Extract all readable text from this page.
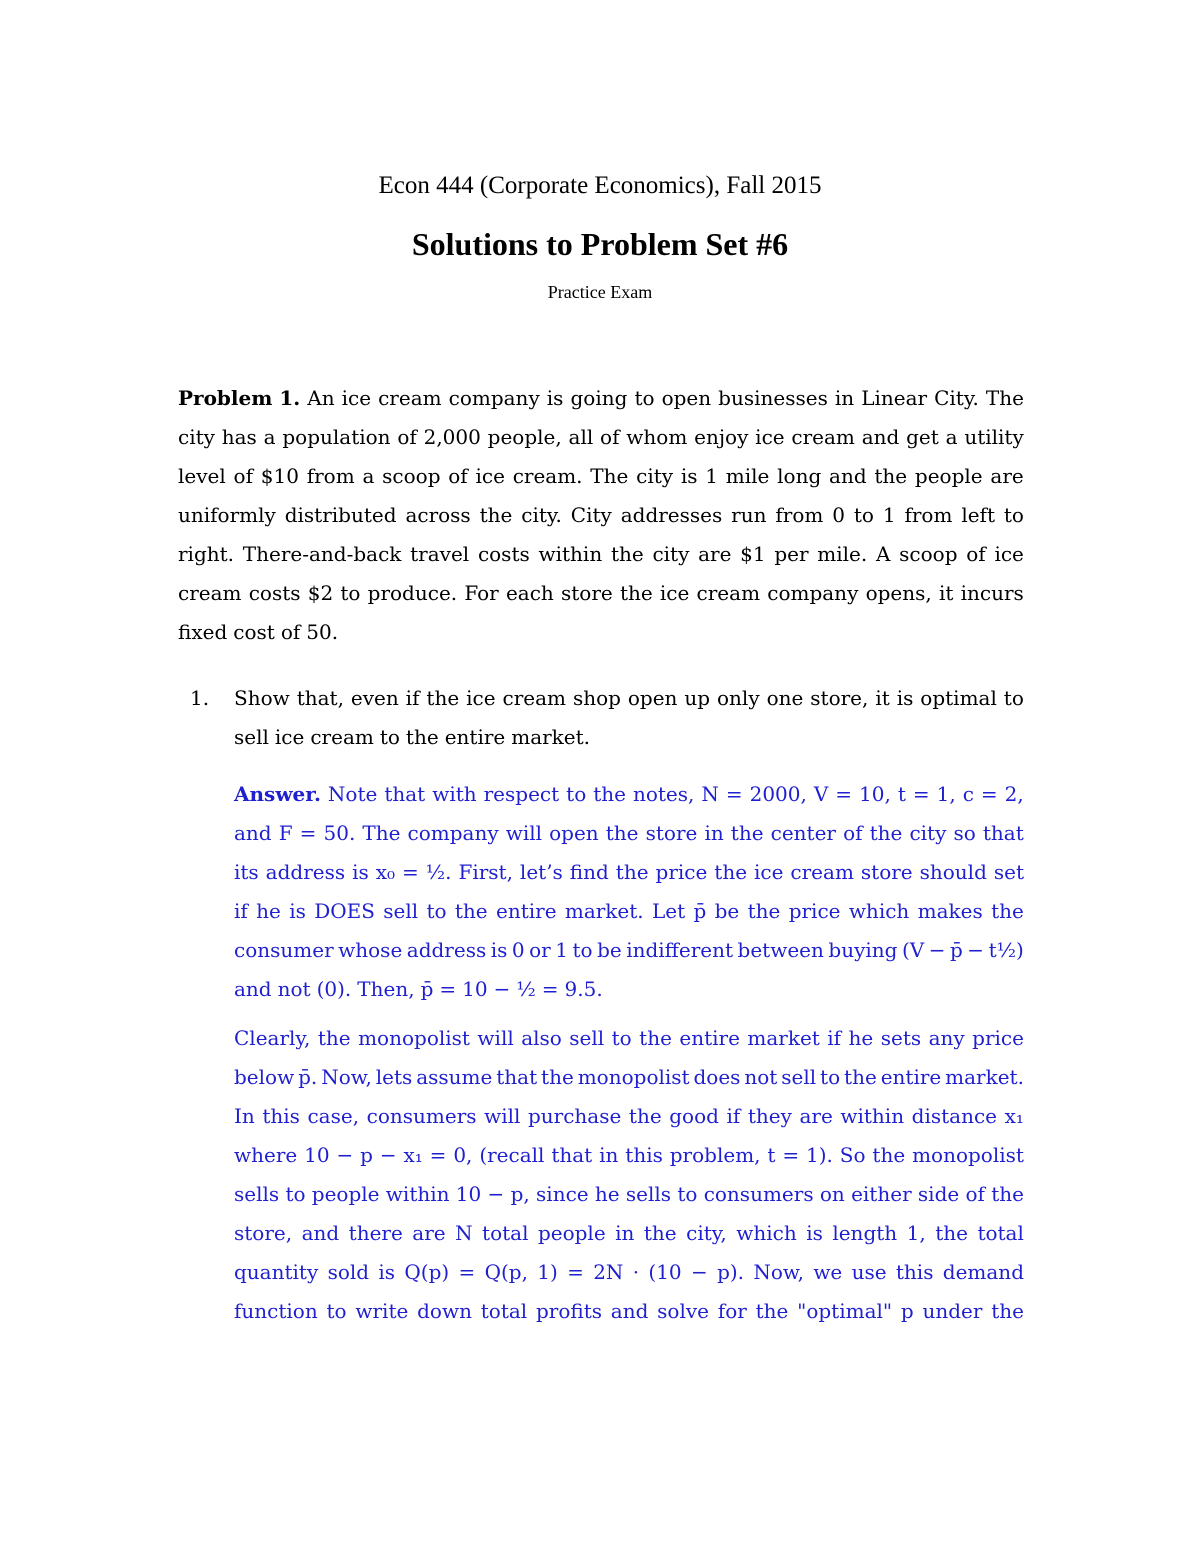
Econ 444 (Corporate Economics), Fall 2015
Solutions to Problem Set #6
Practice Exam
Problem 1. An ice cream company is going to open businesses in Linear City. The
city has a population of 2,000 people, all of whom enjoy ice cream and get a utility
level of $10 from a scoop of ice cream. The city is 1 mile long and the people are
uniformly distributed across the city. City addresses run from 0 to 1 from left to
right. There-and-back travel costs within the city are $1 per mile. A scoop of ice
cream costs $2 to produce. For each store the ice cream company opens, it incurs
fixed cost of 50.
1. Show that, even if the ice cream shop open up only one store, it is optimal to
sell ice cream to the entire market.
Answer. Note that with respect to the notes, N = 2000, V = 10, t = 1, c = 2,
and F = 50. The company will open the store in the center of the city so that
its address is x₀ = ½. First, let’s find the price the ice cream store should set
if he is DOES sell to the entire market. Let p̄ be the price which makes the
consumer whose address is 0 or 1 to be indifferent between buying (V − p̄ − t½)
and not (0). Then, p̄ = 10 − ½ = 9.5.
Clearly, the monopolist will also sell to the entire market if he sets any price
below p̄. Now, lets assume that the monopolist does not sell to the entire market.
In this case, consumers will purchase the good if they are within distance x₁
where 10 − p − x₁ = 0, (recall that in this problem, t = 1). So the monopolist
sells to people within 10 − p, since he sells to consumers on either side of the
store, and there are N total people in the city, which is length 1, the total
quantity sold is Q(p) = Q(p, 1) = 2N · (10 − p). Now, we use this demand
function to write down total profits and solve for the "optimal" p under the
